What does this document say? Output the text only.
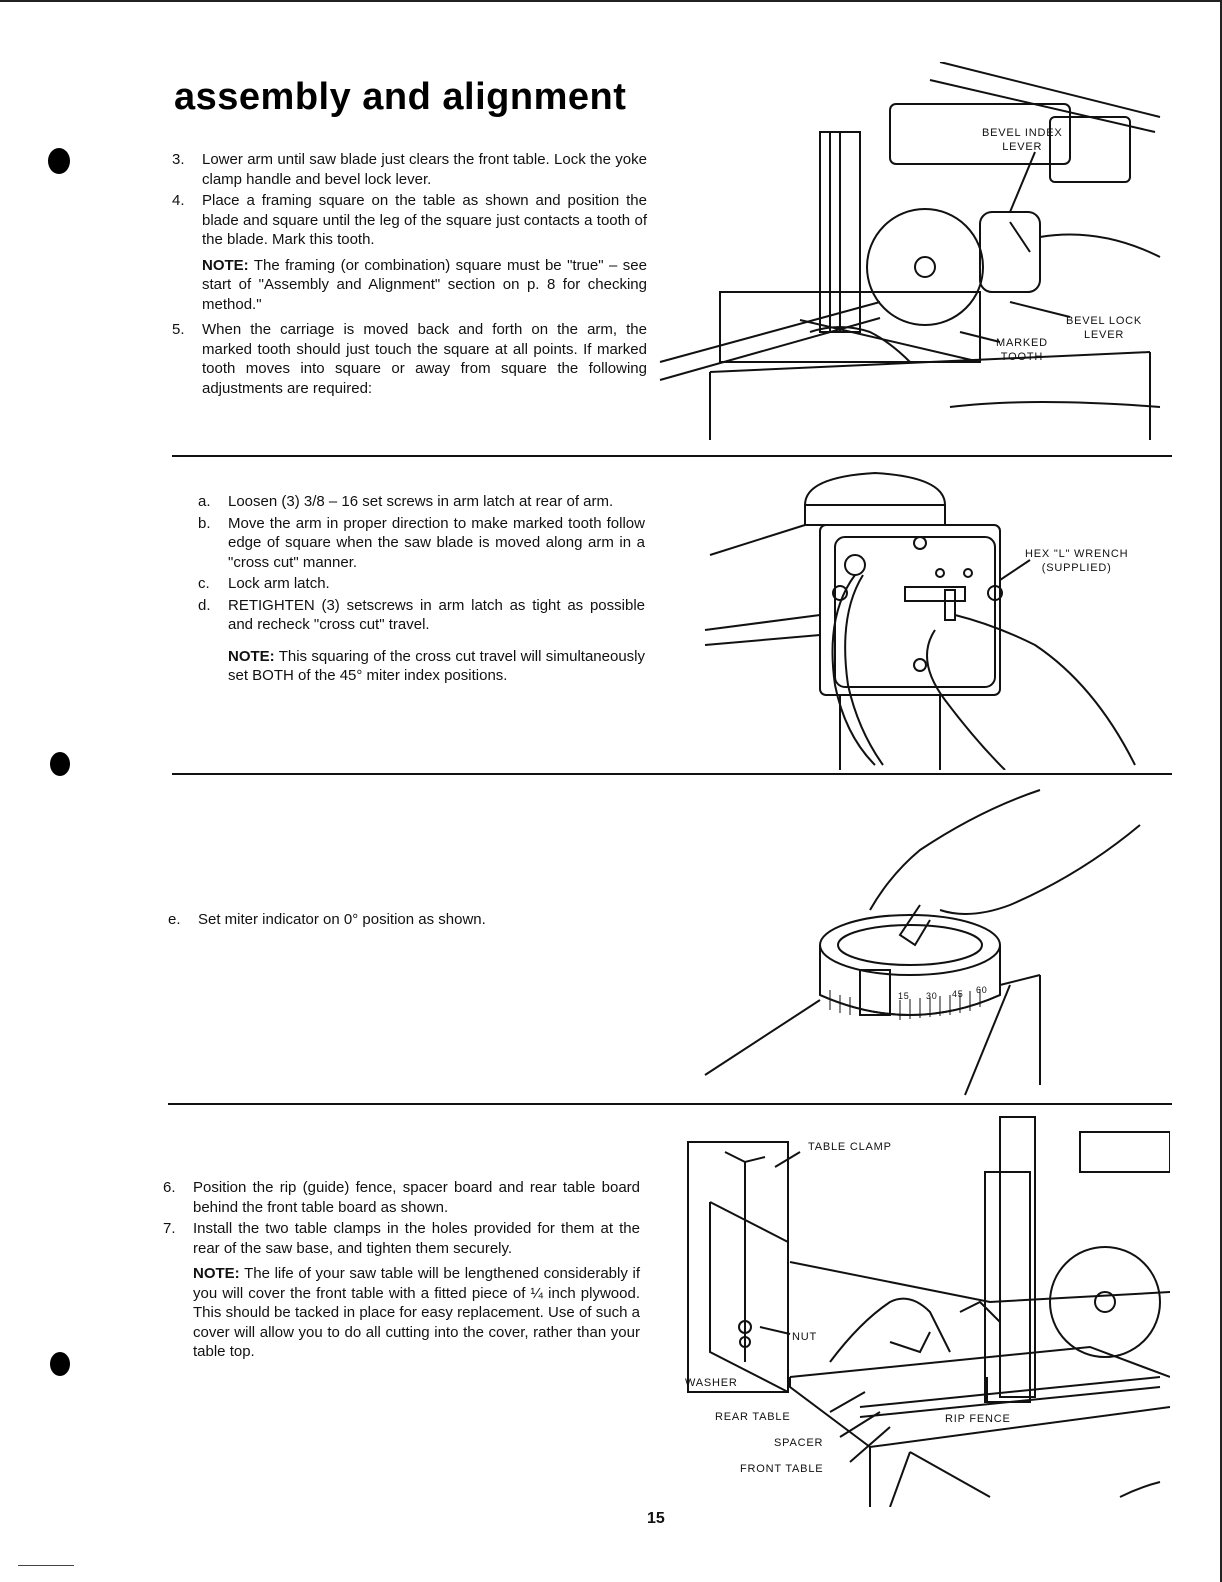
assembly and alignment
3.	Lower arm until saw blade just clears the front table. Lock the yoke clamp handle and bevel lock lever.
4.	Place a framing square on the table as shown and position the blade and square until the leg of the square just contacts a tooth of the blade. Mark this tooth.
NOTE: The framing (or combination) square must be "true" – see start of "Assembly and Alignment" section on p. 8 for checking method."
5.	When the carriage is moved back and forth on the arm, the marked tooth should just touch the square at all points. If marked tooth moves into square or away from square the following adjustments are required:
BEVEL INDEX
LEVER
BEVEL LOCK
LEVER
MARKED
TOOTH
a.	Loosen (3) 3/8 – 16 set screws in arm latch at rear of arm.
b.	Move the arm in proper direction to make marked tooth follow edge of square when the saw blade is moved along arm in a "cross cut" manner.
c.	Lock arm latch.
d.	RETIGHTEN (3) setscrews in arm latch as tight as possible and recheck "cross cut" travel.
NOTE: This squaring of the cross cut travel will simultaneously set BOTH of the 45° miter index positions.
HEX "L" WRENCH
(SUPPLIED)
e.	Set miter indicator on 0° position as shown.
15 30 45 60
6.	Position the rip (guide) fence, spacer board and rear table board behind the front table board as shown.
7.	Install the two table clamps in the holes provided for them at the rear of the saw base, and tighten them securely.
NOTE: The life of your saw table will be lengthened considerably if you will cover the front table with a fitted piece of ¼ inch plywood. This should be tacked in place for easy replacement. Use of such a cover will allow you to do all cutting into the cover, rather than your table top.
TABLE CLAMP
NUT
WASHER
REAR TABLE
SPACER
FRONT TABLE
RIP FENCE
15
